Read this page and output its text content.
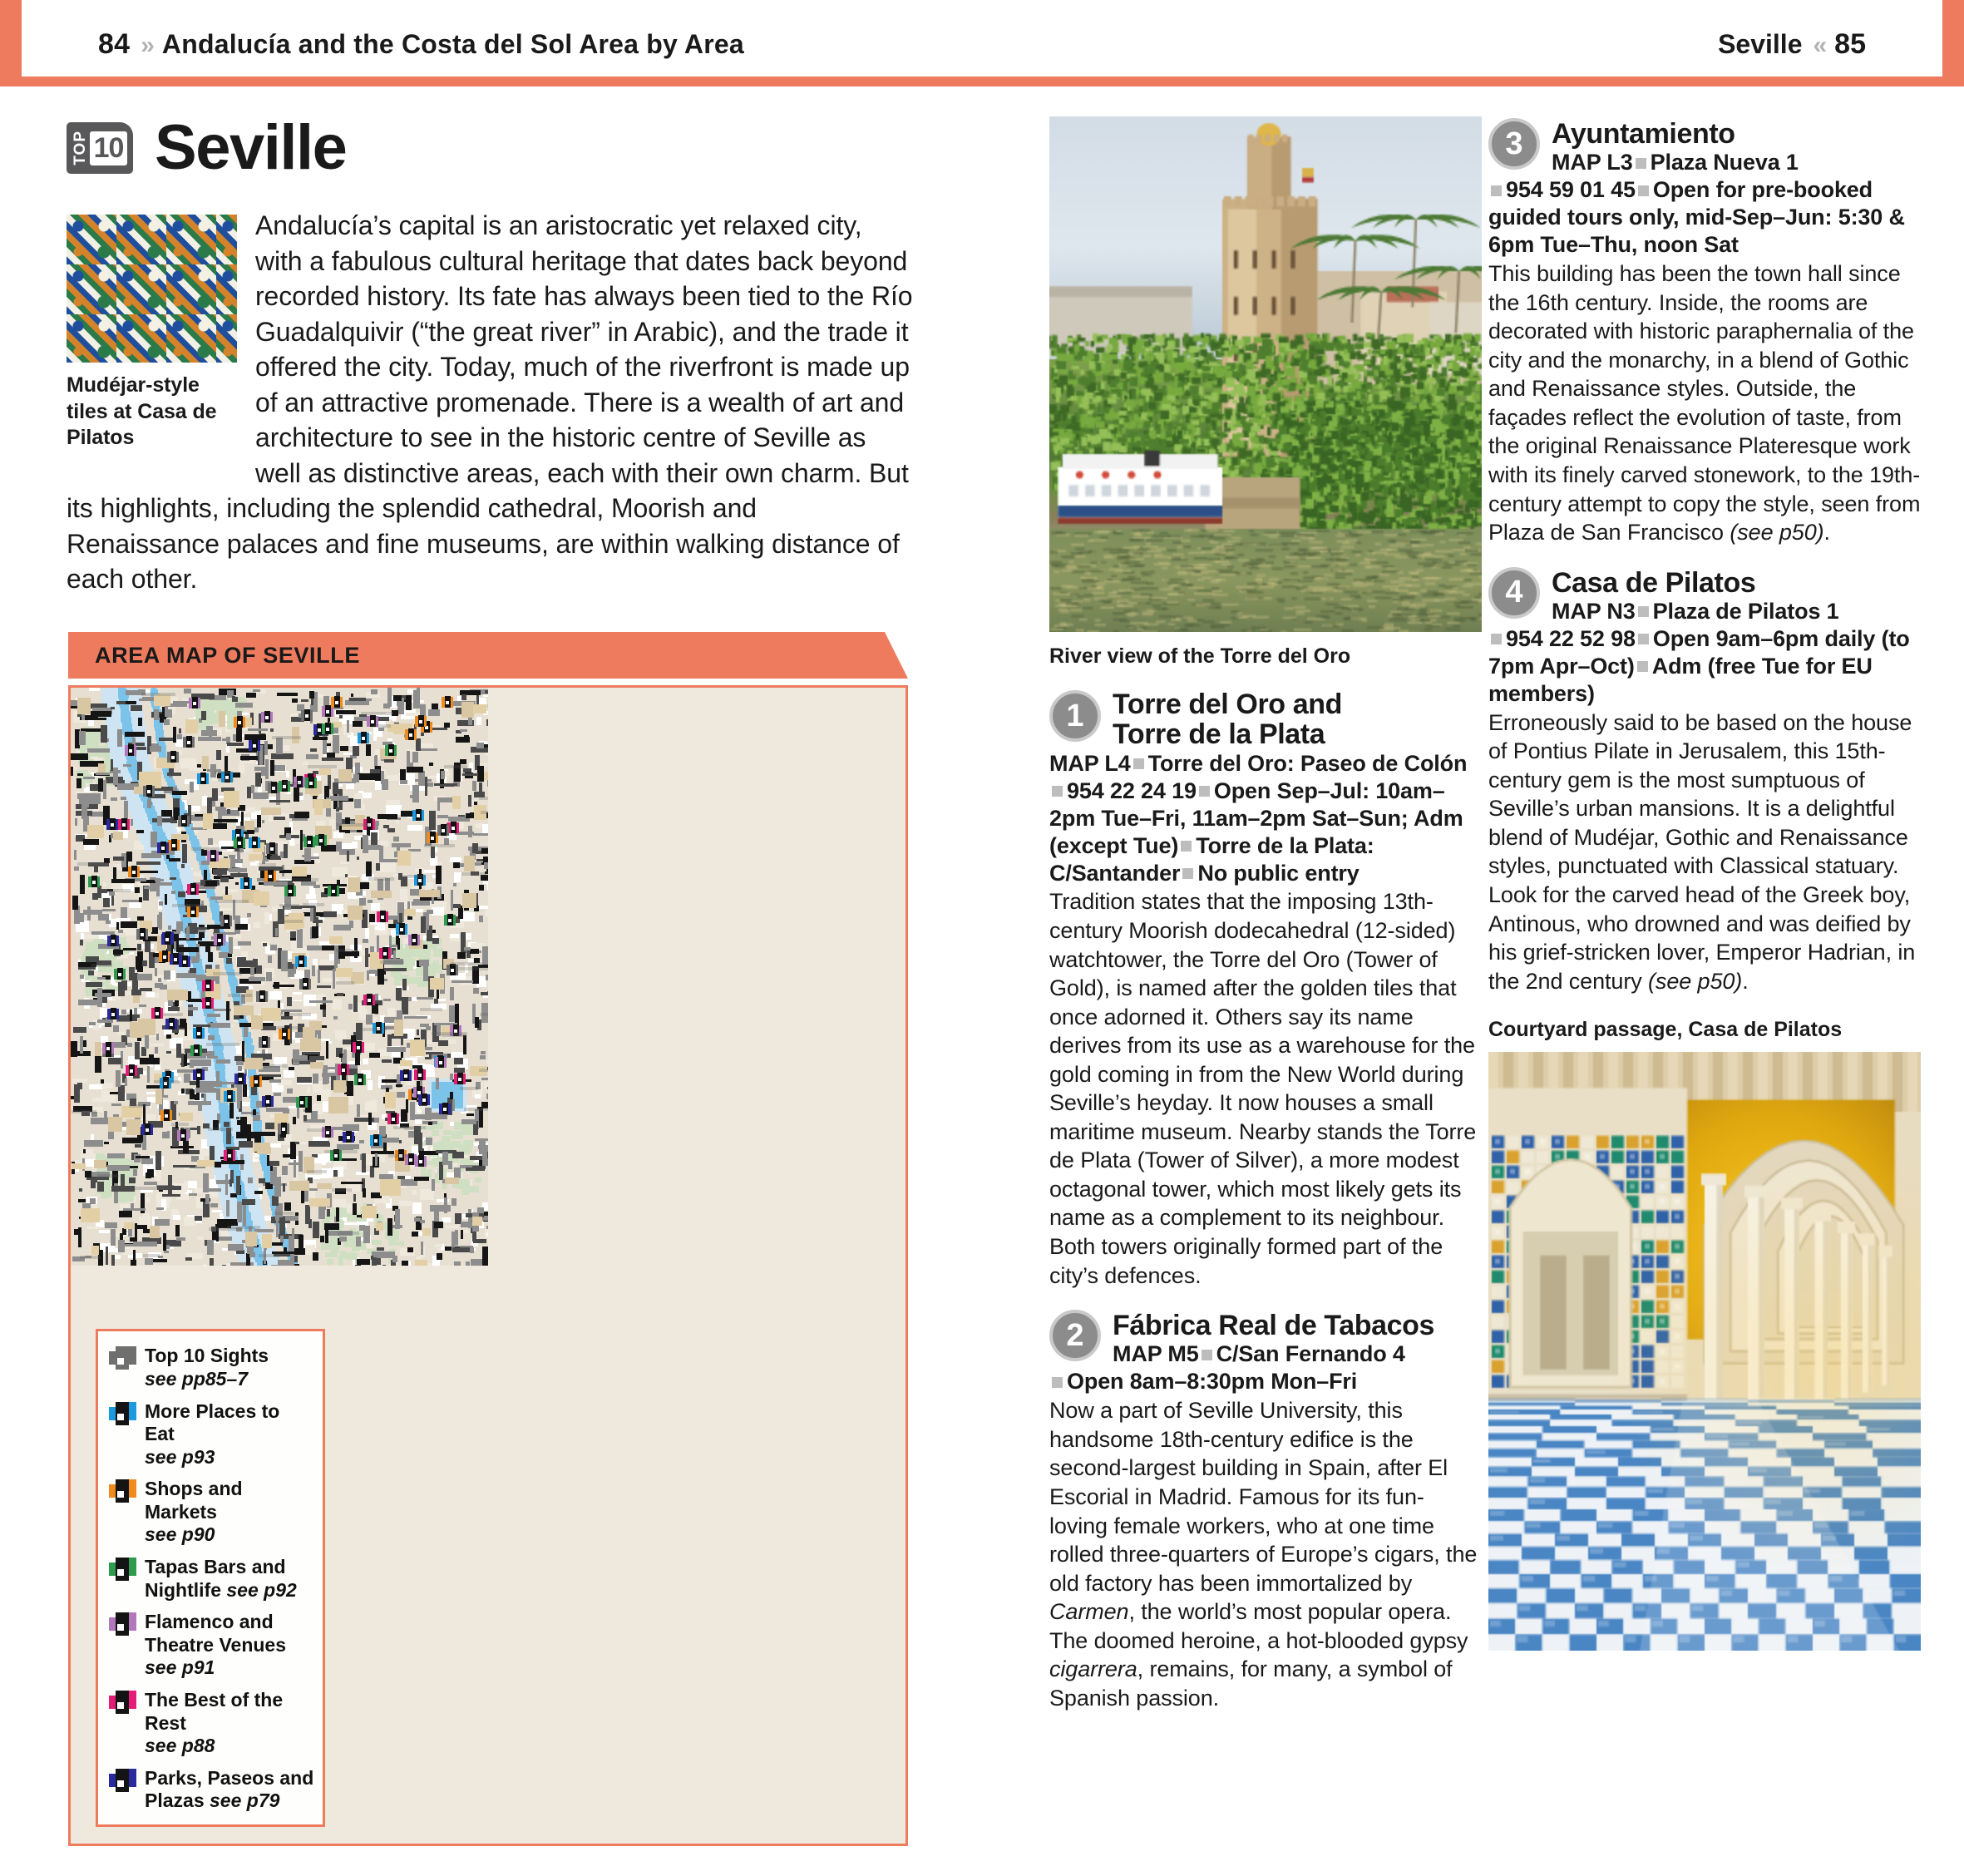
84 » Andalucía and the Costa del Sol Area by Area	Seville « 85
TOP 10 Seville
Mudéjar-style tiles at Casa de Pilatos

Andalucía’s capital is an aristocratic yet relaxed city, with a fabulous cultural heritage that dates back beyond recorded history. Its fate has always been tied to the Río Guadalquivir (“the great river” in Arabic), and the trade it offered the city. Today, much of the riverfront is made up of an attractive promenade. There is a wealth of art and architecture to see in the historic centre of Seville as well as distinctive areas, each with their own charm. But its highlights, including the splendid cathedral, Moorish and Renaissance palaces and fine museums, are within walking distance of each other.

AREA MAP OF SEVILLE
Top 10 Sights
see pp85–7
More Places to Eat
see p93
Shops and Markets
see p90
Tapas Bars and Nightlife see p92
Flamenco and Theatre Venues see p91
The Best of the Rest
see p88
Parks, Paseos and Plazas see p79
River view of the Torre del Oro
1	Torre del Oro and
Torre de la Plata
MAP L4 Torre del Oro: Paseo de Colón954 22 24 19 Open Sep–Jul: 10am–2pm Tue–Fri, 11am–2pm Sat–Sun; Adm (except Tue) Torre de la Plata: C/Santander No public entry
Tradition states that the imposing 13th-century Moorish dodecahedral (12-sided) watchtower, the Torre del Oro (Tower of Gold), is named after the golden tiles that once adorned it. Others say its name derives from its use as a warehouse for the gold coming in from the New World during Seville’s heyday. It now houses a small maritime museum. Nearby stands the Torre de Plata (Tower of Silver), a more modest octagonal tower, which most likely gets its name as a complement to its neighbour. Both towers originally formed part of the city’s defences.
2	Fábrica Real de Tabacos
MAP M5 C/San Fernando 4
Open 8am–8:30pm Mon–Fri
Now a part of Seville University, this handsome 18th-century edifice is the second-largest building in Spain, after El Escorial in Madrid. Famous for its fun-loving female workers, who at one time rolled three-quarters of Europe’s cigars, the old factory has been immortalized by Carmen, the world’s most popular opera. The doomed heroine, a hot-blooded gypsy cigarrera, remains, for many, a symbol of Spanish passion.
3	Ayuntamiento
MAP L3 Plaza Nueva 1
954 59 01 45 Open for pre-booked guided tours only, mid-Sep–Jun: 5:30 & 6pm Tue–Thu, noon Sat
This building has been the town hall since the 16th century. Inside, the rooms are decorated with historic paraphernalia of the city and the monarchy, in a blend of Gothic and Renaissance styles. Outside, the façades reflect the evolution of taste, from the original Renaissance Plateresque work with its finely carved stonework, to the 19th-century attempt to copy the style, seen from Plaza de San Francisco (see p50).
4	Casa de Pilatos
MAP N3 Plaza de Pilatos 1
954 22 52 98 Open 9am–6pm daily (to 7pm Apr–Oct) Adm (free Tue for EU members)
Erroneously said to be based on the house of Pontius Pilate in Jerusalem, this 15th-century gem is the most sumptuous of Seville’s urban mansions. It is a delightful blend of Mudéjar, Gothic and Renaissance styles, punctuated with Classical statuary. Look for the carved head of the Greek boy, Antinous, who drowned and was deified by his grief-stricken lover, Emperor Hadrian, in the 2nd century (see p50).
Courtyard passage, Casa de Pilatos
